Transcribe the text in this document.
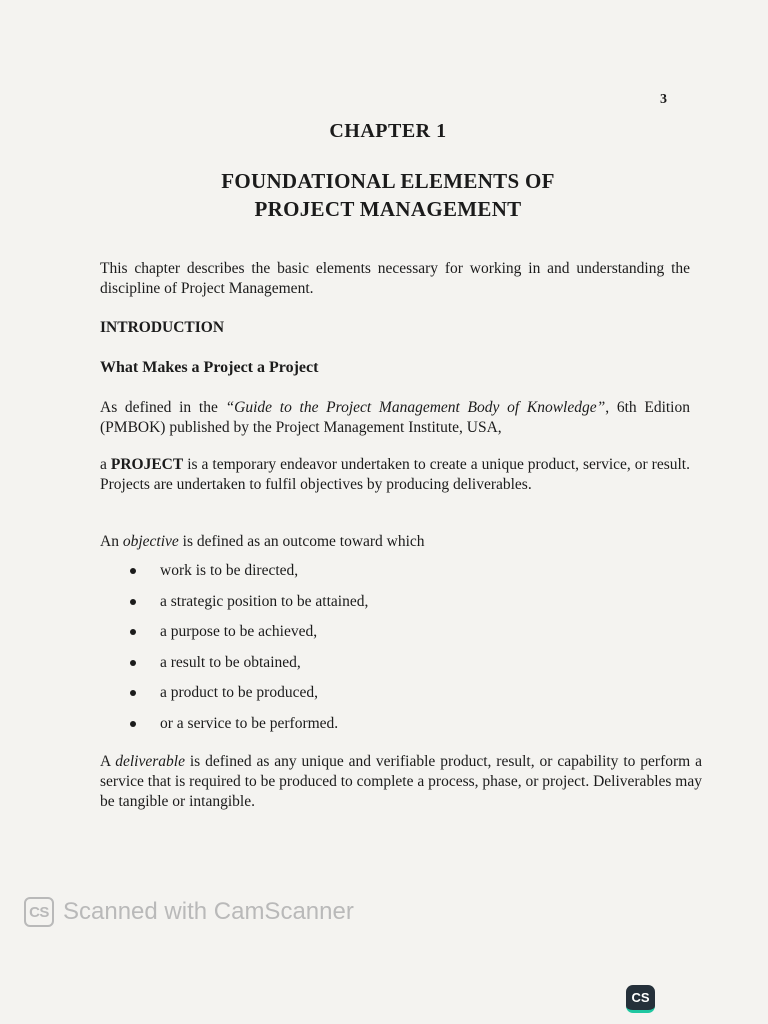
3
CHAPTER 1
FOUNDATIONAL ELEMENTS OF
PROJECT MANAGEMENT

This chapter describes the basic elements necessary for working in and understanding the discipline of Project Management.

INTRODUCTION
What Makes a Project a Project

As defined in the “Guide to the Project Management Body of Knowledge”, 6th Edition (PMBOK) published by the Project Management Institute, USA,

a PROJECT is a temporary endeavor undertaken to create a unique product, service, or result. Projects are undertaken to fulfil objectives by producing deliverables.

An objective is defined as an outcome toward which

work is to be directed,
a strategic position to be attained,
a purpose to be achieved,
a result to be obtained,
a product to be produced,
or a service to be performed.

A deliverable is defined as any unique and verifiable product, result, or capability to perform a service that is required to be produced to complete a process, phase, or project. Deliverables may be tangible or intangible.

CS Scanned with CamScanner
CS
